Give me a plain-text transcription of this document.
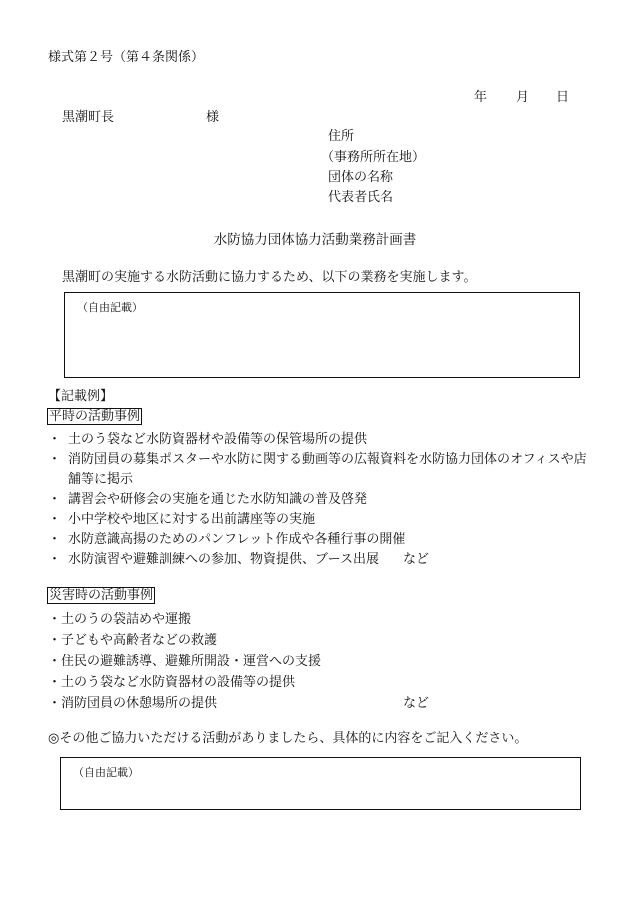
様式第２号（第４条関係）
年 月 日
黒潮町長	様
住所
（事務所所在地）
団体の名称
代表者氏名
水防協力団体協力活動業務計画書
黒潮町の実施する水防活動に協力するため、以下の業務を実施します。
（自由記載）
【記載例】
平時の活動事例
・ 土のう袋など水防資器材や設備等の保管場所の提供
・ 消防団員の募集ポスターや水防に関する動画等の広報資料を水防協力団体のオフィスや店舗等に掲示
・ 講習会や研修会の実施を通じた水防知識の普及啓発
・ 小中学校や地区に対する出前講座等の実施
・ 水防意識高揚のためのパンフレット作成や各種行事の開催
・ 水防演習や避難訓練への参加、物資提供、ブース出展 など
災害時の活動事例
・土のうの袋詰めや運搬
・子どもや高齢者などの救護
・住民の避難誘導、避難所開設・運営への支援
・土のう袋など水防資器材の設備等の提供
・消防団員の休憩場所の提供	など
◎その他ご協力いただける活動がありましたら、具体的に内容をご記入ください。
（自由記載）
